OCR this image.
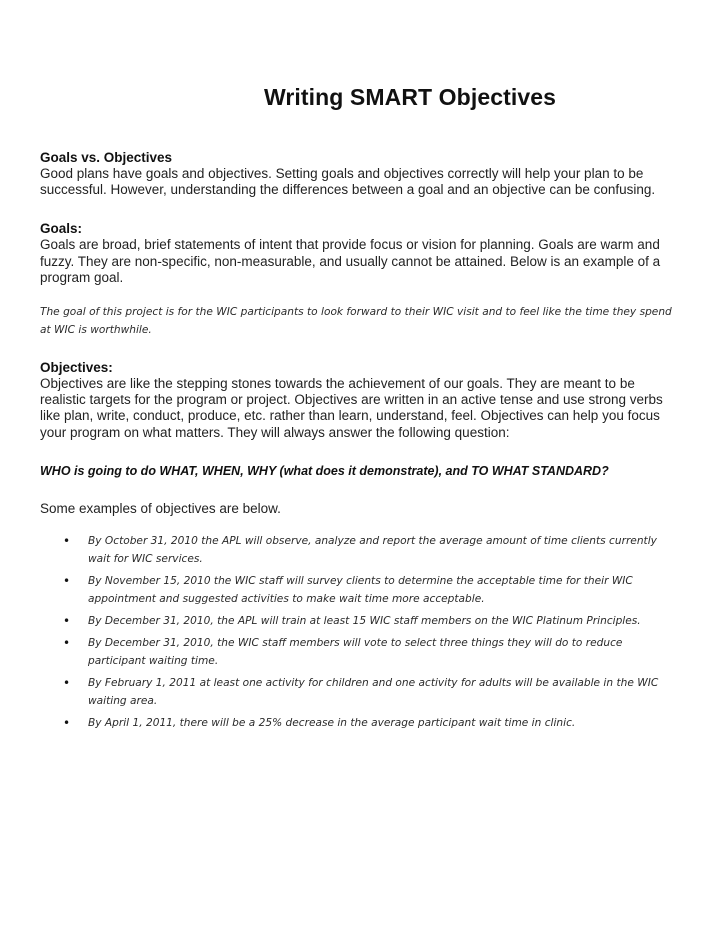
Writing SMART Objectives

Goals vs. Objectives

Good plans have goals and objectives. Setting goals and objectives correctly will help your plan to be successful. However, understanding the differences between a goal and an objective can be confusing.

Goals:

Goals are broad, brief statements of intent that provide focus or vision for planning. Goals are warm and fuzzy. They are non-specific, non-measurable, and usually cannot be attained. Below is an example of a program goal.

The goal of this project is for the WIC participants to look forward to their WIC visit and to feel like the time they spend at WIC is worthwhile.

Objectives:

Objectives are like the stepping stones towards the achievement of our goals. They are meant to be realistic targets for the program or project. Objectives are written in an active tense and use strong verbs like plan, write, conduct, produce, etc. rather than learn, understand, feel. Objectives can help you focus your program on what matters. They will always answer the following question:

WHO is going to do WHAT, WHEN, WHY (what does it demonstrate), and TO WHAT STANDARD?

Some examples of objectives are below.

• By October 31, 2010 the APL will observe, analyze and report the average amount of time clients currently wait for WIC services.
• By November 15, 2010 the WIC staff will survey clients to determine the acceptable time for their WIC appointment and suggested activities to make wait time more acceptable.
• By December 31, 2010, the APL will train at least 15 WIC staff members on the WIC Platinum Principles.
• By December 31, 2010, the WIC staff members will vote to select three things they will do to reduce participant waiting time.
• By February 1, 2011 at least one activity for children and one activity for adults will be available in the WIC waiting area.
• By April 1, 2011, there will be a 25% decrease in the average participant wait time in clinic.
